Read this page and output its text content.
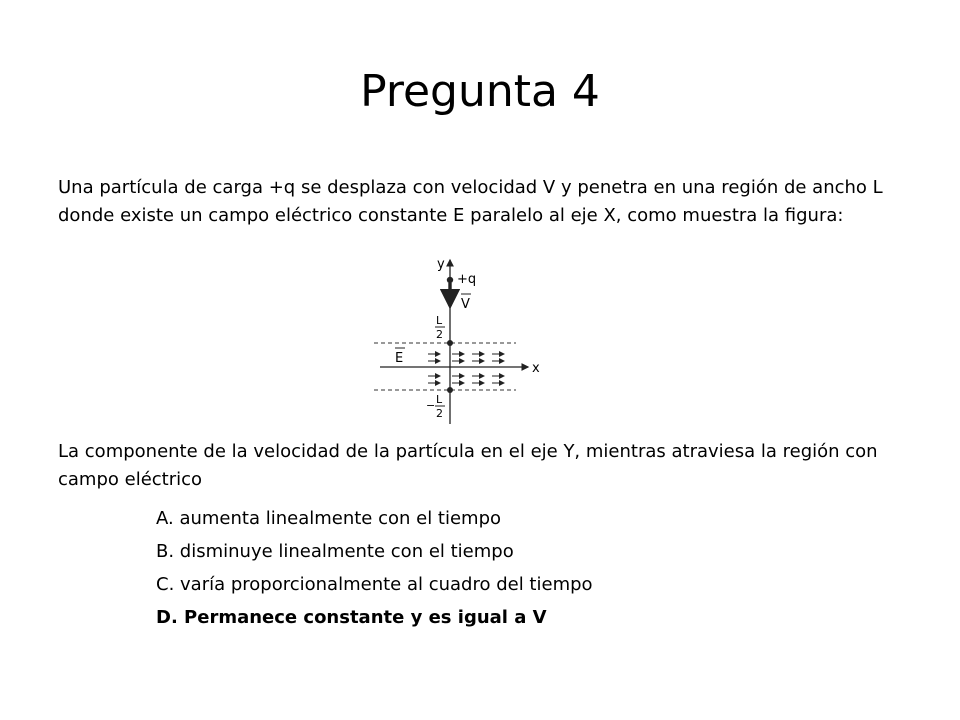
Pregunta 4
Una partícula de carga +q se desplaza con velocidad V y penetra en una región de ancho L donde existe un campo eléctrico constante E paralelo al eje X, como muestra la figura:
y
x
+q
V
L
2
− L
2
E
La componente de la velocidad de la partícula en el eje Y, mientras atraviesa la región con campo eléctrico
A. aumenta linealmente con el tiempo
B. disminuye linealmente con el tiempo
C. varía proporcionalmente al cuadro del tiempo
D. Permanece constante y es igual a V
